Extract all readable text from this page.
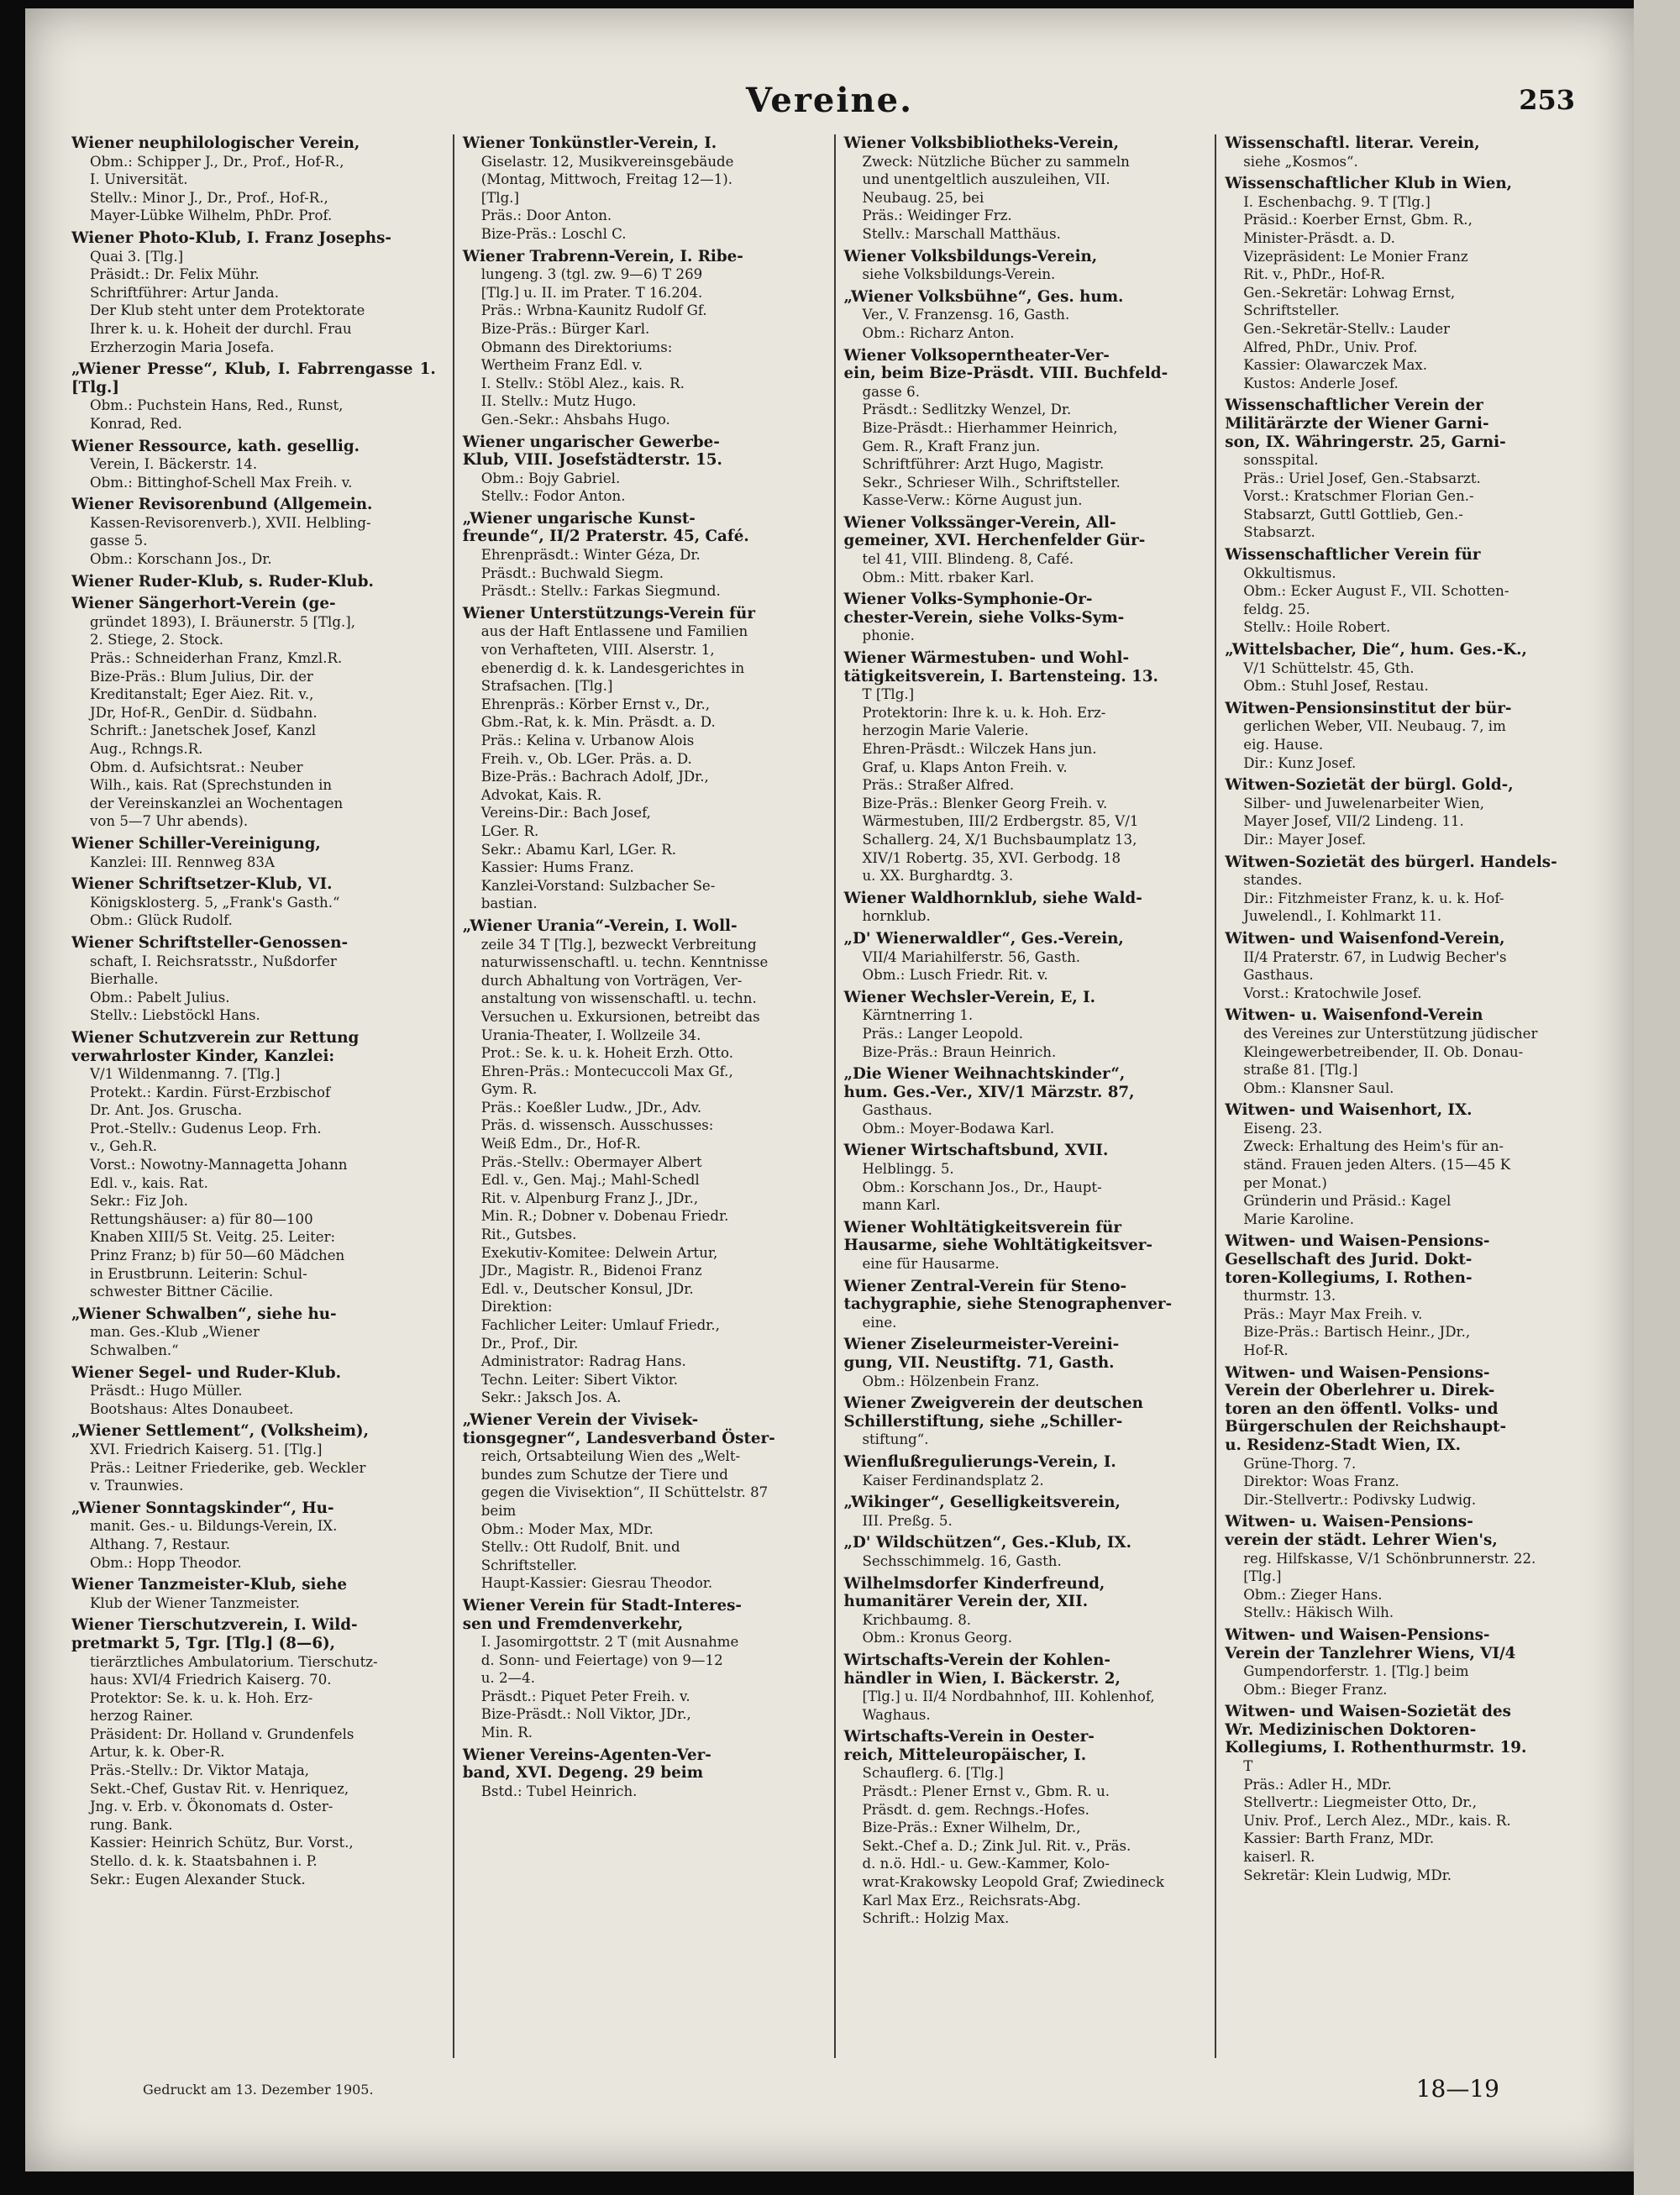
Vereine.	253

Wiener neuphilologischer Verein,

Obm.: Schipper J., Dr., Prof., Hof-R.,

I. Universität.

Stellv.: Minor J., Dr., Prof., Hof-R.,

Mayer-Lübke Wilhelm, PhDr. Prof.

Wiener Photo-Klub, I. Franz Josephs-

Quai 3. [Tlg.]

Präsidt.: Dr. Felix Mühr.

Schriftführer: Artur Janda.

Der Klub steht unter dem Protektorate

Ihrer k. u. k. Hoheit der durchl. Frau

Erzherzogin Maria Josefa.

„Wiener Presse“, Klub, I. Fabrrengasse 1. [Tlg.]

Obm.: Puchstein Hans, Red., Runst,

Konrad, Red.

Wiener Ressource, kath. gesellig.

Verein, I. Bäckerstr. 14.

Obm.: Bittinghof-Schell Max Freih. v.

Wiener Revisorenbund (Allgemein.

Kassen-Revisorenverb.), XVII. Helbling-

gasse 5.

Obm.: Korschann Jos., Dr.

Wiener Ruder-Klub, s. Ruder-Klub.

Wiener Sängerhort-Verein (ge-

gründet 1893), I. Bräunerstr. 5 [Tlg.],

2. Stiege, 2. Stock.

Präs.: Schneiderhan Franz, Kmzl.R.

Bize-Präs.: Blum Julius, Dir. der

Kreditanstalt; Eger Aiez. Rit. v.,

JDr, Hof-R., GenDir. d. Südbahn.

Schrift.: Janetschek Josef, Kanzl

Aug., Rchngs.R.

Obm. d. Aufsichtsrat.: Neuber

Wilh., kais. Rat (Sprechstunden in

der Vereinskanzlei an Wochentagen

von 5—7 Uhr abends).

Wiener Schiller-Vereinigung,

Kanzlei: III. Rennweg 83A

Wiener Schriftsetzer-Klub, VI.

Königsklosterg. 5, „Frank's Gasth.“

Obm.: Glück Rudolf.

Wiener Schriftsteller-Genossen-

schaft, I. Reichsratsstr., Nußdorfer

Bierhalle.

Obm.: Pabelt Julius.

Stellv.: Liebstöckl Hans.

Wiener Schutzverein zur Rettung

verwahrloster Kinder, Kanzlei:

V/1 Wildenmanng. 7. [Tlg.]

Protekt.: Kardin. Fürst-Erzbischof

Dr. Ant. Jos. Gruscha.

Prot.-Stellv.: Gudenus Leop. Frh.

v., Geh.R.

Vorst.: Nowotny-Mannagetta Johann

Edl. v., kais. Rat.

Sekr.: Fiz Joh.

Rettungshäuser: a) für 80—100

Knaben XIII/5 St. Veitg. 25. Leiter:

Prinz Franz; b) für 50—60 Mädchen

in Erustbrunn. Leiterin: Schul-

schwester Bittner Cäcilie.

„Wiener Schwalben“, siehe hu-

man. Ges.-Klub „Wiener

Schwalben.“

Wiener Segel- und Ruder-Klub.

Präsdt.: Hugo Müller.

Bootshaus: Altes Donaubeet.

„Wiener Settlement“, (Volksheim),

XVI. Friedrich Kaiserg. 51. [Tlg.]

Präs.: Leitner Friederike, geb. Weckler

v. Traunwies.

„Wiener Sonntagskinder“, Hu-

manit. Ges.- u. Bildungs-Verein, IX.

Althang. 7, Restaur.

Obm.: Hopp Theodor.

Wiener Tanzmeister-Klub, siehe

Klub der Wiener Tanzmeister.

Wiener Tierschutzverein, I. Wild-

pretmarkt 5, Tgr. [Tlg.] (8—6),

tierärztliches Ambulatorium. Tierschutz-

haus: XVI/4 Friedrich Kaiserg. 70.

Protektor: Se. k. u. k. Hoh. Erz-

herzog Rainer.

Präsident: Dr. Holland v. Grundenfels

Artur, k. k. Ober-R.

Präs.-Stellv.: Dr. Viktor Mataja,

Sekt.-Chef, Gustav Rit. v. Henriquez,

Jng. v. Erb. v. Ökonomats d. Oster-

rung. Bank.

Kassier: Heinrich Schütz, Bur. Vorst.,

Stello. d. k. k. Staatsbahnen i. P.

Sekr.: Eugen Alexander Stuck.

Wiener Tonkünstler-Verein, I.

Giselastr. 12, Musikvereinsgebäude

(Montag, Mittwoch, Freitag 12—1).

[Tlg.]

Präs.: Door Anton.

Bize-Präs.: Loschl C.

Wiener Trabrenn-Verein, I. Ribe-

lungeng. 3 (tgl. zw. 9—6) T 269

[Tlg.] u. II. im Prater. T 16.204.

Präs.: Wrbna-Kaunitz Rudolf Gf.

Bize-Präs.: Bürger Karl.

Obmann des Direktoriums:

Wertheim Franz Edl. v.

I. Stellv.: Stöbl Alez., kais. R.

II. Stellv.: Mutz Hugo.

Gen.-Sekr.: Ahsbahs Hugo.

Wiener ungarischer Gewerbe-

Klub, VIII. Josefstädterstr. 15.

Obm.: Bojy Gabriel.

Stellv.: Fodor Anton.

„Wiener ungarische Kunst-

freunde“, II/2 Praterstr. 45, Café.

Ehrenpräsdt.: Winter Géza, Dr.

Präsdt.: Buchwald Siegm.

Präsdt.: Stellv.: Farkas Siegmund.

Wiener Unterstützungs-Verein für

aus der Haft Entlassene und Familien

von Verhafteten, VIII. Alserstr. 1,

ebenerdig d. k. k. Landesgerichtes in

Strafsachen. [Tlg.]

Ehrenpräs.: Körber Ernst v., Dr.,

Gbm.-Rat, k. k. Min. Präsdt. a. D.

Präs.: Kelina v. Urbanow Alois

Freih. v., Ob. LGer. Präs. a. D.

Bize-Präs.: Bachrach Adolf, JDr.,

Advokat, Kais. R.

Vereins-Dir.: Bach Josef,

LGer. R.

Sekr.: Abamu Karl, LGer. R.

Kassier: Hums Franz.

Kanzlei-Vorstand: Sulzbacher Se-

bastian.

„Wiener Urania“-Verein, I. Woll-

zeile 34 T [Tlg.], bezweckt Verbreitung

naturwissenschaftl. u. techn. Kenntnisse

durch Abhaltung von Vorträgen, Ver-

anstaltung von wissenschaftl. u. techn.

Versuchen u. Exkursionen, betreibt das

Urania-Theater, I. Wollzeile 34.

Prot.: Se. k. u. k. Hoheit Erzh. Otto.

Ehren-Präs.: Montecuccoli Max Gf.,

Gym. R.

Präs.: Koeßler Ludw., JDr., Adv.

Präs. d. wissensch. Ausschusses:

Weiß Edm., Dr., Hof-R.

Präs.-Stellv.: Obermayer Albert

Edl. v., Gen. Maj.; Mahl-Schedl

Rit. v. Alpenburg Franz J., JDr.,

Min. R.; Dobner v. Dobenau Friedr.

Rit., Gutsbes.

Exekutiv-Komitee: Delwein Artur,

JDr., Magistr. R., Bidenoi Franz

Edl. v., Deutscher Konsul, JDr.

Direktion:

Fachlicher Leiter: Umlauf Friedr.,

Dr., Prof., Dir.

Administrator: Radrag Hans.

Techn. Leiter: Sibert Viktor.

Sekr.: Jaksch Jos. A.

„Wiener Verein der Vivisek-

tionsgegner“, Landesverband Öster-

reich, Ortsabteilung Wien des „Welt-

bundes zum Schutze der Tiere und

gegen die Vivisektion“, II Schüttelstr. 87

beim

Obm.: Moder Max, MDr.

Stellv.: Ott Rudolf, Bnit. und

Schriftsteller.

Haupt-Kassier: Giesrau Theodor.

Wiener Verein für Stadt-Interes-

sen und Fremdenverkehr,

I. Jasomirgottstr. 2 T (mit Ausnahme

d. Sonn- und Feiertage) von 9—12

u. 2—4.

Präsdt.: Piquet Peter Freih. v.

Bize-Präsdt.: Noll Viktor, JDr.,

Min. R.

Wiener Vereins-Agenten-Ver-

band, XVI. Degeng. 29 beim

Bstd.: Tubel Heinrich.

Wiener Volksbibliotheks-Verein,

Zweck: Nützliche Bücher zu sammeln

und unentgeltlich auszuleihen, VII.

Neubaug. 25, bei

Präs.: Weidinger Frz.

Stellv.: Marschall Matthäus.

Wiener Volksbildungs-Verein,

siehe Volksbildungs-Verein.

„Wiener Volksbühne“, Ges. hum.

Ver., V. Franzensg. 16, Gasth.

Obm.: Richarz Anton.

Wiener Volksoperntheater-Ver-

ein, beim Bize-Präsdt. VIII. Buchfeld-

gasse 6.

Präsdt.: Sedlitzky Wenzel, Dr.

Bize-Präsdt.: Hierhammer Heinrich,

Gem. R., Kraft Franz jun.

Schriftführer: Arzt Hugo, Magistr.

Sekr., Schrieser Wilh., Schriftsteller.

Kasse-Verw.: Körne August jun.

Wiener Volkssänger-Verein, All-

gemeiner, XVI. Herchenfelder Gür-

tel 41, VIII. Blindeng. 8, Café.

Obm.: Mitt. rbaker Karl.

Wiener Volks-Symphonie-Or-

chester-Verein, siehe Volks-Sym-

phonie.

Wiener Wärmestuben- und Wohl-

tätigkeitsverein, I. Bartensteing. 13.

T [Tlg.]

Protektorin: Ihre k. u. k. Hoh. Erz-

herzogin Marie Valerie.

Ehren-Präsdt.: Wilczek Hans jun.

Graf, u. Klaps Anton Freih. v.

Präs.: Straßer Alfred.

Bize-Präs.: Blenker Georg Freih. v.

Wärmestuben, III/2 Erdbergstr. 85, V/1

Schallerg. 24, X/1 Buchsbaumplatz 13,

XIV/1 Robertg. 35, XVI. Gerbodg. 18

u. XX. Burghardtg. 3.

Wiener Waldhornklub, siehe Wald-

hornklub.

„D' Wienerwaldler“, Ges.-Verein,

VII/4 Mariahilferstr. 56, Gasth.

Obm.: Lusch Friedr. Rit. v.

Wiener Wechsler-Verein, E, I.

Kärntnerring 1.

Präs.: Langer Leopold.

Bize-Präs.: Braun Heinrich.

„Die Wiener Weihnachtskinder“,

hum. Ges.-Ver., XIV/1 Märzstr. 87,

Gasthaus.

Obm.: Moyer-Bodawa Karl.

Wiener Wirtschaftsbund, XVII.

Helblingg. 5.

Obm.: Korschann Jos., Dr., Haupt-

mann Karl.

Wiener Wohltätigkeitsverein für

Hausarme, siehe Wohltätigkeitsver-

eine für Hausarme.

Wiener Zentral-Verein für Steno-

tachygraphie, siehe Stenographenver-

eine.

Wiener Ziseleurmeister-Vereini-

gung, VII. Neustiftg. 71, Gasth.

Obm.: Hölzenbein Franz.

Wiener Zweigverein der deutschen

Schillerstiftung, siehe „Schiller-

stiftung“.

Wienflußregulierungs-Verein, I.

Kaiser Ferdinandsplatz 2.

„Wikinger“, Geselligkeitsverein,

III. Preßg. 5.

„D' Wildschützen“, Ges.-Klub, IX.

Sechsschimmelg. 16, Gasth.

Wilhelmsdorfer Kinderfreund,

humanitärer Verein der, XII.

Krichbaumg. 8.

Obm.: Kronus Georg.

Wirtschafts-Verein der Kohlen-

händler in Wien, I. Bäckerstr. 2,

[Tlg.] u. II/4 Nordbahnhof, III. Kohlenhof,

Waghaus.

Wirtschafts-Verein in Oester-

reich, Mitteleuropäischer, I.

Schauflerg. 6. [Tlg.]

Präsdt.: Plener Ernst v., Gbm. R. u.

Präsdt. d. gem. Rechngs.-Hofes.

Bize-Präs.: Exner Wilhelm, Dr.,

Sekt.-Chef a. D.; Zink Jul. Rit. v., Präs.

d. n.ö. Hdl.- u. Gew.-Kammer, Kolo-

wrat-Krakowsky Leopold Graf; Zwiedineck

Karl Max Erz., Reichsrats-Abg.

Schrift.: Holzig Max.

Wissenschaftl. literar. Verein,

siehe „Kosmos“.

Wissenschaftlicher Klub in Wien,

I. Eschenbachg. 9. T [Tlg.]

Präsid.: Koerber Ernst, Gbm. R.,

Minister-Präsdt. a. D.

Vizepräsident: Le Monier Franz

Rit. v., PhDr., Hof-R.

Gen.-Sekretär: Lohwag Ernst,

Schriftsteller.

Gen.-Sekretär-Stellv.: Lauder

Alfred, PhDr., Univ. Prof.

Kassier: Olawarczek Max.

Kustos: Anderle Josef.

Wissenschaftlicher Verein der

Militärärzte der Wiener Garni-

son, IX. Währingerstr. 25, Garni-

sonsspital.

Präs.: Uriel Josef, Gen.-Stabsarzt.

Vorst.: Kratschmer Florian Gen.-

Stabsarzt, Guttl Gottlieb, Gen.-

Stabsarzt.

Wissenschaftlicher Verein für

Okkultismus.

Obm.: Ecker August F., VII. Schotten-

feldg. 25.

Stellv.: Hoile Robert.

„Wittelsbacher, Die“, hum. Ges.-K.,

V/1 Schüttelstr. 45, Gth.

Obm.: Stuhl Josef, Restau.

Witwen-Pensionsinstitut der bür-

gerlichen Weber, VII. Neubaug. 7, im

eig. Hause.

Dir.: Kunz Josef.

Witwen-Sozietät der bürgl. Gold-,

Silber- und Juwelenarbeiter Wien,

Mayer Josef, VII/2 Lindeng. 11.

Dir.: Mayer Josef.

Witwen-Sozietät des bürgerl. Handels-

standes.

Dir.: Fitzhmeister Franz, k. u. k. Hof-

Juwelendl., I. Kohlmarkt 11.

Witwen- und Waisenfond-Verein,

II/4 Praterstr. 67, in Ludwig Becher's

Gasthaus.

Vorst.: Kratochwile Josef.

Witwen- u. Waisenfond-Verein

des Vereines zur Unterstützung jüdischer

Kleingewerbetreibender, II. Ob. Donau-

straße 81. [Tlg.]

Obm.: Klansner Saul.

Witwen- und Waisenhort, IX.

Eiseng. 23.

Zweck: Erhaltung des Heim's für an-

ständ. Frauen jeden Alters. (15—45 K

per Monat.)

Gründerin und Präsid.: Kagel

Marie Karoline.

Witwen- und Waisen-Pensions-

Gesellschaft des Jurid. Dokt-

toren-Kollegiums, I. Rothen-

thurmstr. 13.

Präs.: Mayr Max Freih. v.

Bize-Präs.: Bartisch Heinr., JDr.,

Hof-R.

Witwen- und Waisen-Pensions-

Verein der Oberlehrer u. Direk-

toren an den öffentl. Volks- und

Bürgerschulen der Reichshaupt-

u. Residenz-Stadt Wien, IX.

Grüne-Thorg. 7.

Direktor: Woas Franz.

Dir.-Stellvertr.: Podivsky Ludwig.

Witwen- u. Waisen-Pensions-

verein der städt. Lehrer Wien's,

reg. Hilfskasse, V/1 Schönbrunnerstr. 22.

[Tlg.]

Obm.: Zieger Hans.

Stellv.: Häkisch Wilh.

Witwen- und Waisen-Pensions-

Verein der Tanzlehrer Wiens, VI/4

Gumpendorferstr. 1. [Tlg.] beim

Obm.: Bieger Franz.

Witwen- und Waisen-Sozietät des

Wr. Medizinischen Doktoren-

Kollegiums, I. Rothenthurmstr. 19.

T

Präs.: Adler H., MDr.

Stellvertr.: Liegmeister Otto, Dr.,

Univ. Prof., Lerch Alez., MDr., kais. R.

Kassier: Barth Franz, MDr.

kaiserl. R.

Sekretär: Klein Ludwig, MDr.

Gedruckt am 13. Dezember 1905.	18—19
